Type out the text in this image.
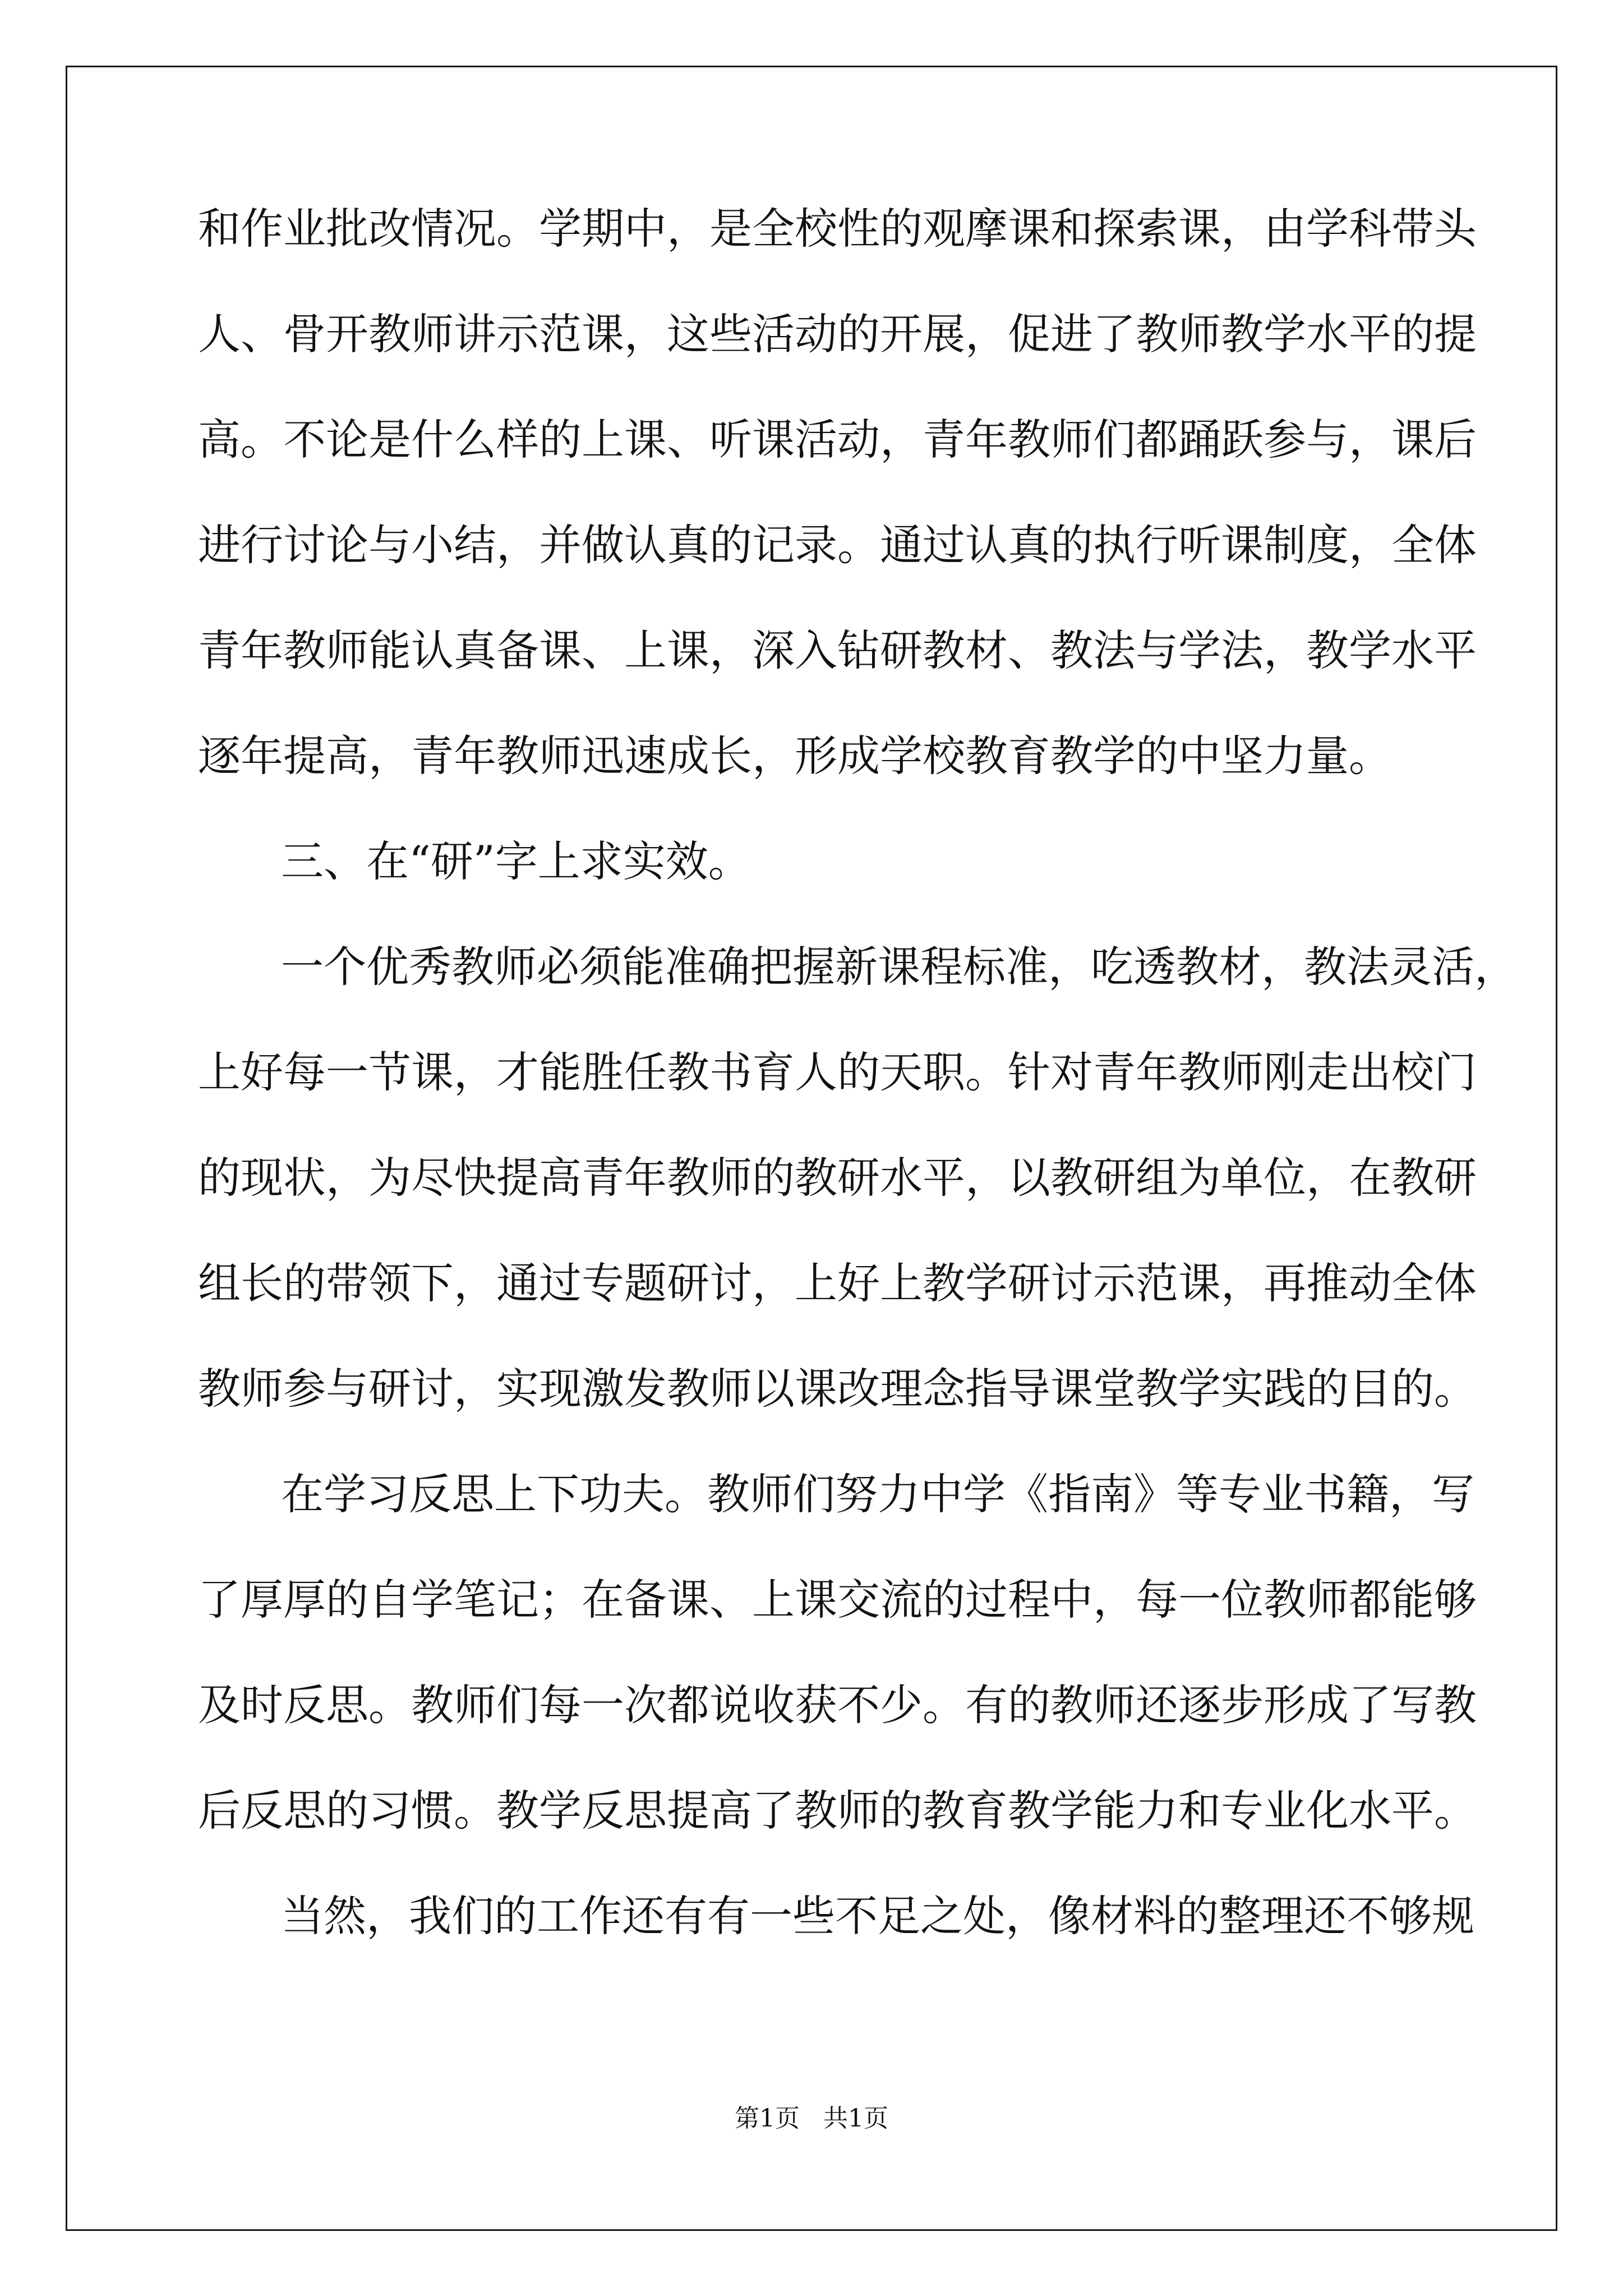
和作业批改情况。学期中，是全校性的观摩课和探索课，由学科带头
人、骨开教师讲示范课，这些活动的开展，促进了教师教学水平的提
高。不论是什么样的上课、听课活动，青年教师们都踊跃参与，课后
进行讨论与小结，并做认真的记录。通过认真的执行听课制度，全体
青年教师能认真备课、上课，深入钻研教材、教法与学法，教学水平
逐年提高，青年教师迅速成长，形成学校教育教学的中坚力量。
三、在“研”字上求实效。
一个优秀教师必须能准确把握新课程标准，吃透教材，教法灵活，
上好每一节课，才能胜任教书育人的天职。针对青年教师刚走出校门
的现状，为尽快提高青年教师的教研水平，以教研组为单位，在教研
组长的带领下，通过专题研讨，上好上教学研讨示范课，再推动全体
教师参与研讨，实现激发教师以课改理念指导课堂教学实践的目的。
在学习反思上下功夫。教师们努力中学《指南》等专业书籍，写
了厚厚的自学笔记；在备课、上课交流的过程中，每一位教师都能够
及时反思。教师们每一次都说收获不少。有的教师还逐步形成了写教
后反思的习惯。教学反思提高了教师的教育教学能力和专业化水平。
当然，我们的工作还有有一些不足之处，像材料的整理还不够规
第1页   共1页
